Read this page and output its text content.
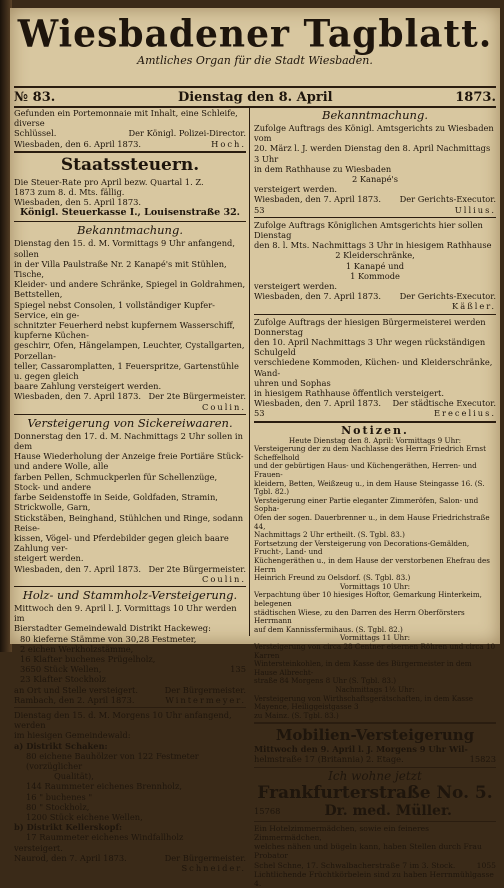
Wiesbadener Tagblatt.
Amtliches Organ für die Stadt Wiesbaden.
№ 83.	Dienstag den 8. April	1873.

Gefunden ein Portemonnaie mit Inhalt, eine Schleife, diverse

Schlüssel.	Der Königl. Polizei-Director.
Wiesbaden, den 6. April 1873.	Hoch.
Staatssteuern.

Die Steuer-Rate pro April bezw. Quartal 1. Z.

1873 zum 8. d. Mts. fällig.

Wiesbaden, den 5. April 1873.

Königl. Steuerkasse I., Louisenstraße 32.
Bekanntmachung.

Dienstag den 15. d. M. Vormittags 9 Uhr anfangend, sollen

in der Villa Paulstraße Nr. 2 Kanapé's mit Stühlen, Tische,

Kleider- und andere Schränke, Spiegel in Goldrahmen, Bettstellen,

Spiegel nebst Consolen, 1 vollständiger Kupfer-Service, ein ge-

schnitzter Feuerherd nebst kupfernem Wasserschiff, kupferne Küchen-

geschirr, Ofen, Hängelampen, Leuchter, Cystallgarten, Porzellan-

teller, Cassaromplatten, 1 Feuerspritze, Gartenstühle u. gegen gleich

baare Zahlung versteigert werden.

Wiesbaden, den 7. April 1873. Der 2te Bürgermeister.

Coulin.

Versteigerung von Sickereiwaaren.

Donnerstag den 17. d. M. Nachmittags 2 Uhr sollen in dem

Hause Wiederholung der Anzeige freie Portiäre Stück- und andere Wolle, alle

farben Pellen, Schmuckperlen für Schellenzüge, Stock- und andere

farbe Seidenstoffe in Seide, Goldfaden, Stramin, Strickwolle, Garn,

Stickstäben, Beinghand, Stühlchen und Ringe, sodann Reise-

kissen, Vögel- und Pferdebilder gegen gleich baare Zahlung ver-

steigert werden.

Wiesbaden, den 7. April 1873. Der 2te Bürgermeister.

Coulin.

Holz- und Stammholz-Versteigerung.

Mittwoch den 9. April l. J. Vormittags 10 Uhr werden im

Bierstadter Gemeindewald Distrikt Hackeweg:

80 kieferne Stämme von 30,28 Festmeter,
2 eichen Werkholzstämme,
16 Klafter buchenes Prügelholz,
3650 Stück Wellen,	135
23 Klafter Stockholz
an Ort und Stelle versteigert.	Der Bürgermeister.
Rambach, den 2. April 1873.	Wintermeyer.

Dienstag den 15. d. M. Morgens 10 Uhr anfangend, werden

im hiesigen Gemeindewald:

a) Distrikt Schaken:

80 eichene Bauhölzer von 122 Festmeter (vorzüglicher

Qualität),

144 Raummeter eichenes Brennholz,

16 " buchenes "

80 " Stockholz,

1200 Stück eichene Wellen,

b) Distrikt Kellerskopf:

17 Raummeter eichenes Windfallholz

versteigert.

Naurod, den 7. April 1873.	Der Bürgermeister.

Schneider.

Bekanntmachung.

Zufolge Auftrags des Königl. Amtsgerichts zu Wiesbaden vom

20. März l. J. werden Dienstag den 8. April Nachmittags 3 Uhr

in dem Rathhause zu Wiesbaden

2 Kanapé's

versteigert werden.

Wiesbaden, den 7. April 1873. Der Gerichts-Executor.
53	Ullius.

Zufolge Auftrags Königlichen Amtsgerichts hier sollen Dienstag

den 8. l. Mts. Nachmittags 3 Uhr in hiesigem Rathhause

2 Kleiderschränke,

1 Kanapé und

1 Kommode

versteigert werden.

Wiesbaden, den 7. April 1873. Der Gerichts-Executor.

Käßler.

Zufolge Auftrags der hiesigen Bürgermeisterei werden Donnerstag

den 10. April Nachmittags 3 Uhr wegen rückständigen Schulgeld

verschiedene Kommoden, Küchen- und Kleiderschränke, Wand-

uhren und Sophas

in hiesigem Rathhause öffentlich versteigert.

Wiesbaden, den 7. April 1873. Der städtische Executor.
53	Erecelius.
Notizen.

Heute Dienstag den 8. April: Vormittags 9 Uhr:

Versteigerung der zu dem Nachlasse des Herrn Friedrich Ernst Scheffelhold

und der gebürtigen Haus- und Küchengeräthen, Herren- und Frauen-

kleidern, Betten, Weißzeug u., in dem Hause Steingasse 16. (S.

Tgbl. 82.)

Versteigerung einer Partie eleganter Zimmeröfen, Salon- und Sopha-

Ofen der sogen. Dauerbrenner u., in dem Hause Friedrichstraße 44,

Nachmittags 2 Uhr ertheilt. (S. Tgbl. 83.)

Fortsetzung der Versteigerung von Decorations-Gemälden, Frucht-, Land- und

Küchengeräthen u., in dem Hause der verstorbenen Ehefrau des Herrn

Heinrich Freund zu Oelsdorf. (S. Tgbl. 83.)

Vormittags 10 Uhr:

Verpachtung über 10 hiesiges Hoftor, Gemarkung Hinterkeim, belegenen

städtischen Wiese, zu den Darren des Herrn Oberförsters Herrmann

auf dem Kannissfermihaus. (S. Tgbl. 82.)

Vormittags 11 Uhr:

Versteigerung von circa 28 Centner eisernen Röhren und circa 10 Karren

Wintersteinkohlen, in dem Kasse des Bürgermeister in dem Hause Albrecht-

straße 84 Morgens 8 Uhr (S. Tgbl. 83.)

Nachmittags 1½ Uhr:

Versteigerung von Wirthschaftsgerätschaften, in dem Kasse Mayence, Heiliggeistgasse 3

zu Mainz. (S. Tgbl. 83.)

Mobilien-Versteigerung

Mittwoch den 9. April l. J. Morgens 9 Uhr Wil-

helmstraße 17 (Britannia) 2. Etage.	15823
Ich wohne jetzt
Frankfurterstraße No. 5.
15768	Dr. med. Müller.

Ein Hotelzimmermädchen, sowie ein feineres Zimmermädchen,

welches nähen und bügeln kann, haben Stellen durch Frau Probator

Schel Schne, 17. Schwalbacherstraße 7 im 3. Stock.	1055

Lichtlichende Früchtkörbelein sind zu haben Herrnmühlgasse 4.
